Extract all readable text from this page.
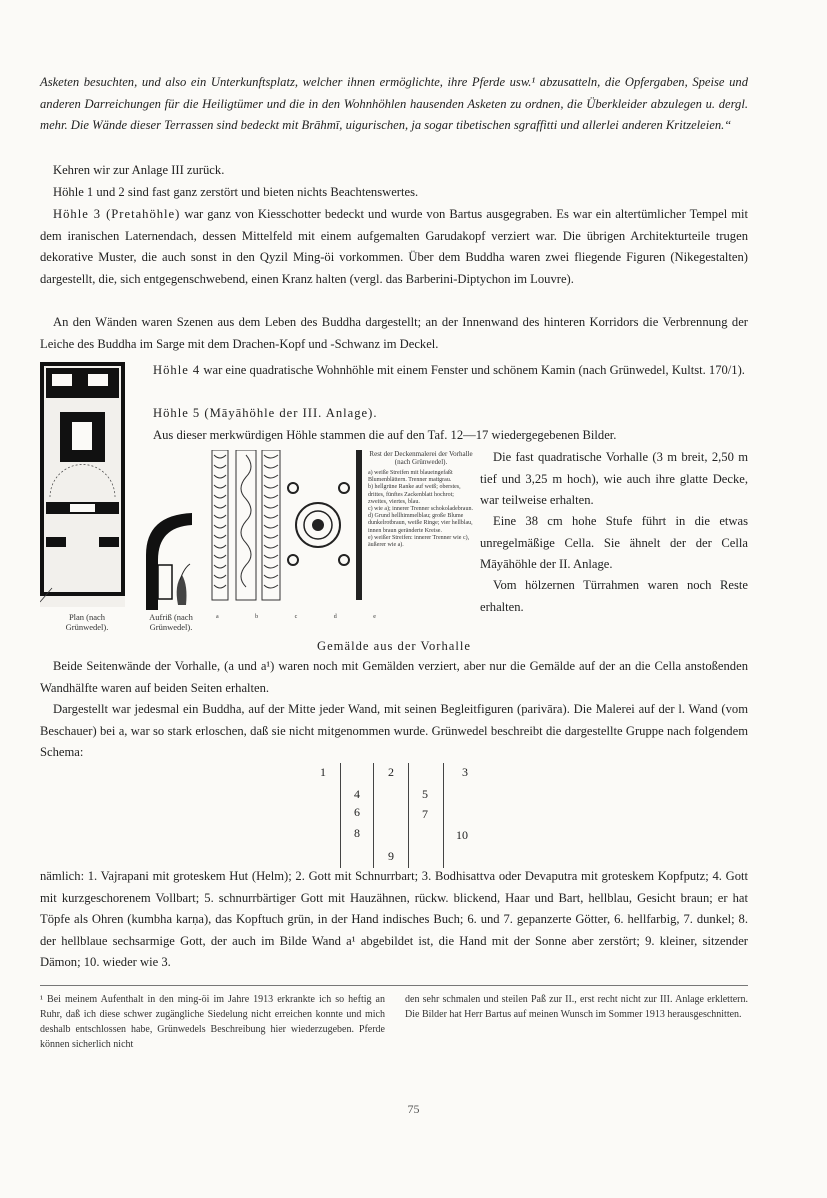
Asketen besuchten, und also ein Unterkunftsplatz, welcher ihnen ermöglichte, ihre Pferde usw.¹ abzusatteln, die Opfergaben, Speise und anderen Darreichungen für die Heiligtümer und die in den Wohnhöhlen hausenden Asketen zu ordnen, die Überkleider abzulegen u. dergl. mehr. Die Wände dieser Terrassen sind bedeckt mit Brāhmī, uigurischen, ja sogar tibetischen sgraffitti und allerlei anderen Kritzeleien.“

Kehren wir zur Anlage III zurück.

Höhle 1 und 2 sind fast ganz zerstört und bieten nichts Beachtenswertes.

Höhle 3 (Pretahöhle) war ganz von Kiesschotter bedeckt und wurde von Bartus ausgegraben. Es war ein altertümlicher Tempel mit dem iranischen Laternendach, dessen Mittelfeld mit einem aufgemalten Garudakopf verziert war. Die übrigen Architekturteile trugen dekorative Muster, die auch sonst in den Qyzil Ming-öi vorkommen. Über dem Buddha waren zwei fliegende Figuren (Nikegestalten) dargestellt, die, sich entgegenschwebend, einen Kranz halten (vergl. das Barberini-Diptychon im Louvre).

An den Wänden waren Szenen aus dem Leben des Buddha dargestellt; an der Innenwand des hinteren Korridors die Verbrennung der Leiche des Buddha im Sarge mit dem Drachen-Kopf und -Schwanz im Deckel.

Plan (nach Grünwedel).
Aufriß (nach Grünwedel).

Höhle 4 war eine quadratische Wohnhöhle mit einem Fenster und schönem Kamin (nach Grünwedel, Kultst. 170/1).

Höhle 5 (Māyāhöhle der III. Anlage).

Aus dieser merkwürdigen Höhle stammen die auf den Taf. 12—17 wiedergegebenen Bilder.

a	b	c	d	e
Rest der Deckenmalerei der Vorhalle (nach Grünwedel).
a) weiße Streifen mit blaueingefaßt Blumenblättern. Trenner mattgrau.
b) hellgrüne Ranke auf weiß; oberstes, drittes, fünftes Zackenblatt hochrot; zweites, viertes, blau.
c) wie a); innerer Trenner schokoladebraun.
d) Grund hellhimmelblau; große Blume dunkelrotbraun, weiße Ringe; vier hellblau, innen braun geränderte Kreise.
e) weißer Streifen: innerer Trenner wie c), äußerer wie a).

Die fast quadratische Vorhalle (3 m breit, 2,50 m tief und 3,25 m hoch), wie auch ihre glatte Decke, war teilweise erhalten.

Eine 38 cm hohe Stufe führt in die etwas unregelmäßige Cella. Sie ähnelt der der Cella Māyāhöhle der II. Anlage.

Vom hölzernen Türrahmen waren noch Reste erhalten.

Gemälde aus der Vorhalle

Beide Seitenwände der Vorhalle, (a und a¹) waren noch mit Gemälden verziert, aber nur die Gemälde auf der an die Cella anstoßenden Wandhälfte waren auf beiden Seiten erhalten.

Dargestellt war jedesmal ein Buddha, auf der Mitte jeder Wand, mit seinen Begleitfiguren (parivāra). Die Malerei auf der l. Wand (vom Beschauer) bei a, war so stark erloschen, daß sie nicht mitgenommen wurde. Grünwedel beschreibt die dargestellte Gruppe nach folgendem Schema:

1	2	3
4	5
6	7
8
9
10

nämlich: 1. Vajrapani mit groteskem Hut (Helm); 2. Gott mit Schnurrbart; 3. Bodhisattva oder Devaputra mit groteskem Kopfputz; 4. Gott mit kurzgeschorenem Vollbart; 5. schnurrbärtiger Gott mit Hauzähnen, rückw. blickend, Haar und Bart, hellblau, Gesicht braun; er hat Töpfe als Ohren (kumbha karṇa), das Kopftuch grün, in der Hand indisches Buch; 6. und 7. gepanzerte Götter, 6. hellfarbig, 7. dunkel; 8. der hellblaue sechsarmige Gott, der auch im Bilde Wand a¹ abgebildet ist, die Hand mit der Sonne aber zerstört; 9. kleiner, sitzender Dämon; 10. wieder wie 3.

¹ Bei meinem Aufenthalt in den ming-öi im Jahre 1913 erkrankte ich so heftig an Ruhr, daß ich diese schwer zugängliche Siedelung nicht erreichen konnte und mich deshalb entschlossen habe, Grünwedels Beschreibung hier wiederzugeben. Pferde können sicherlich nicht
den sehr schmalen und steilen Paß zur II., erst recht nicht zur III. Anlage erklettern. Die Bilder hat Herr Bartus auf meinen Wunsch im Sommer 1913 herausgeschnitten.
75
